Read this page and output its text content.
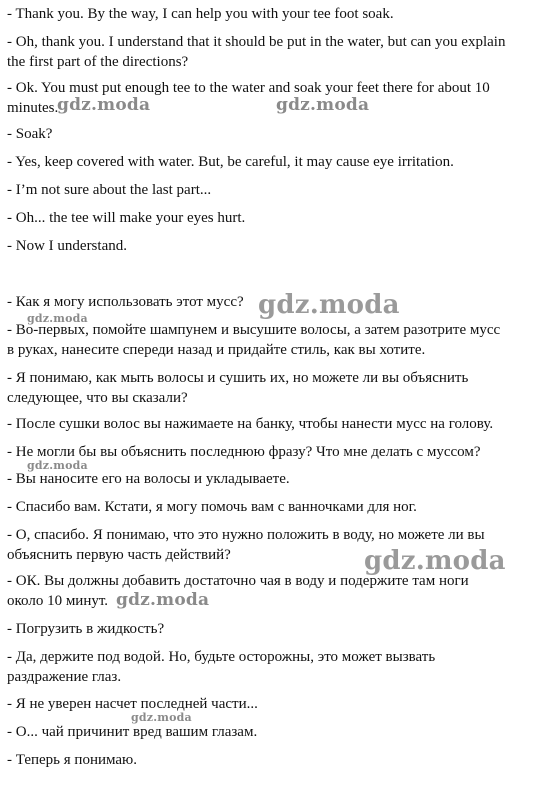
- Thank you. By the way, I can help you with your tee foot soak.

- Oh, thank you. I understand that it should be put in the water, but can you explain

the first part of the directions?

- Ok. You must put enough tee to the water and soak your feet there for about 10

minutes.

- Soak?

- Yes, keep covered with water. But, be careful, it may cause eye irritation.

- I’m not sure about the last part...

- Oh... the tee will make your eyes hurt.

- Now I understand.

- Как я могу использовать этот мусс?

- Во-первых, помойте шампунем и высушите волосы, а затем разотрите мусс

в руках, нанесите спереди назад и придайте стиль, как вы хотите.

- Я понимаю, как мыть волосы и сушить их, но можете ли вы объяснить

следующее, что вы сказали?

- После сушки волос вы нажимаете на банку, чтобы нанести мусс на голову.

- Не могли бы вы объяснить последнюю фразу? Что мне делать с муссом?

- Вы наносите его на волосы и укладываете.

- Спасибо вам. Кстати, я могу помочь вам с ванночками для ног.

- О, спасибо. Я понимаю, что это нужно положить в воду, но можете ли вы

объяснить первую часть действий?

- ОК. Вы должны добавить достаточно чая в воду и подержите там ноги

около 10 минут.

- Погрузить в жидкость?

- Да, держите под водой. Но, будьте осторожны, это может вызвать

раздражение глаз.

- Я не уверен насчет последней части...

- О... чай причинит вред вашим глазам.

- Теперь я понимаю.

gdz.moda	gdz.moda
gdz.moda
gdz.moda
gdz.moda
gdz.moda
gdz.moda
gdz.moda
